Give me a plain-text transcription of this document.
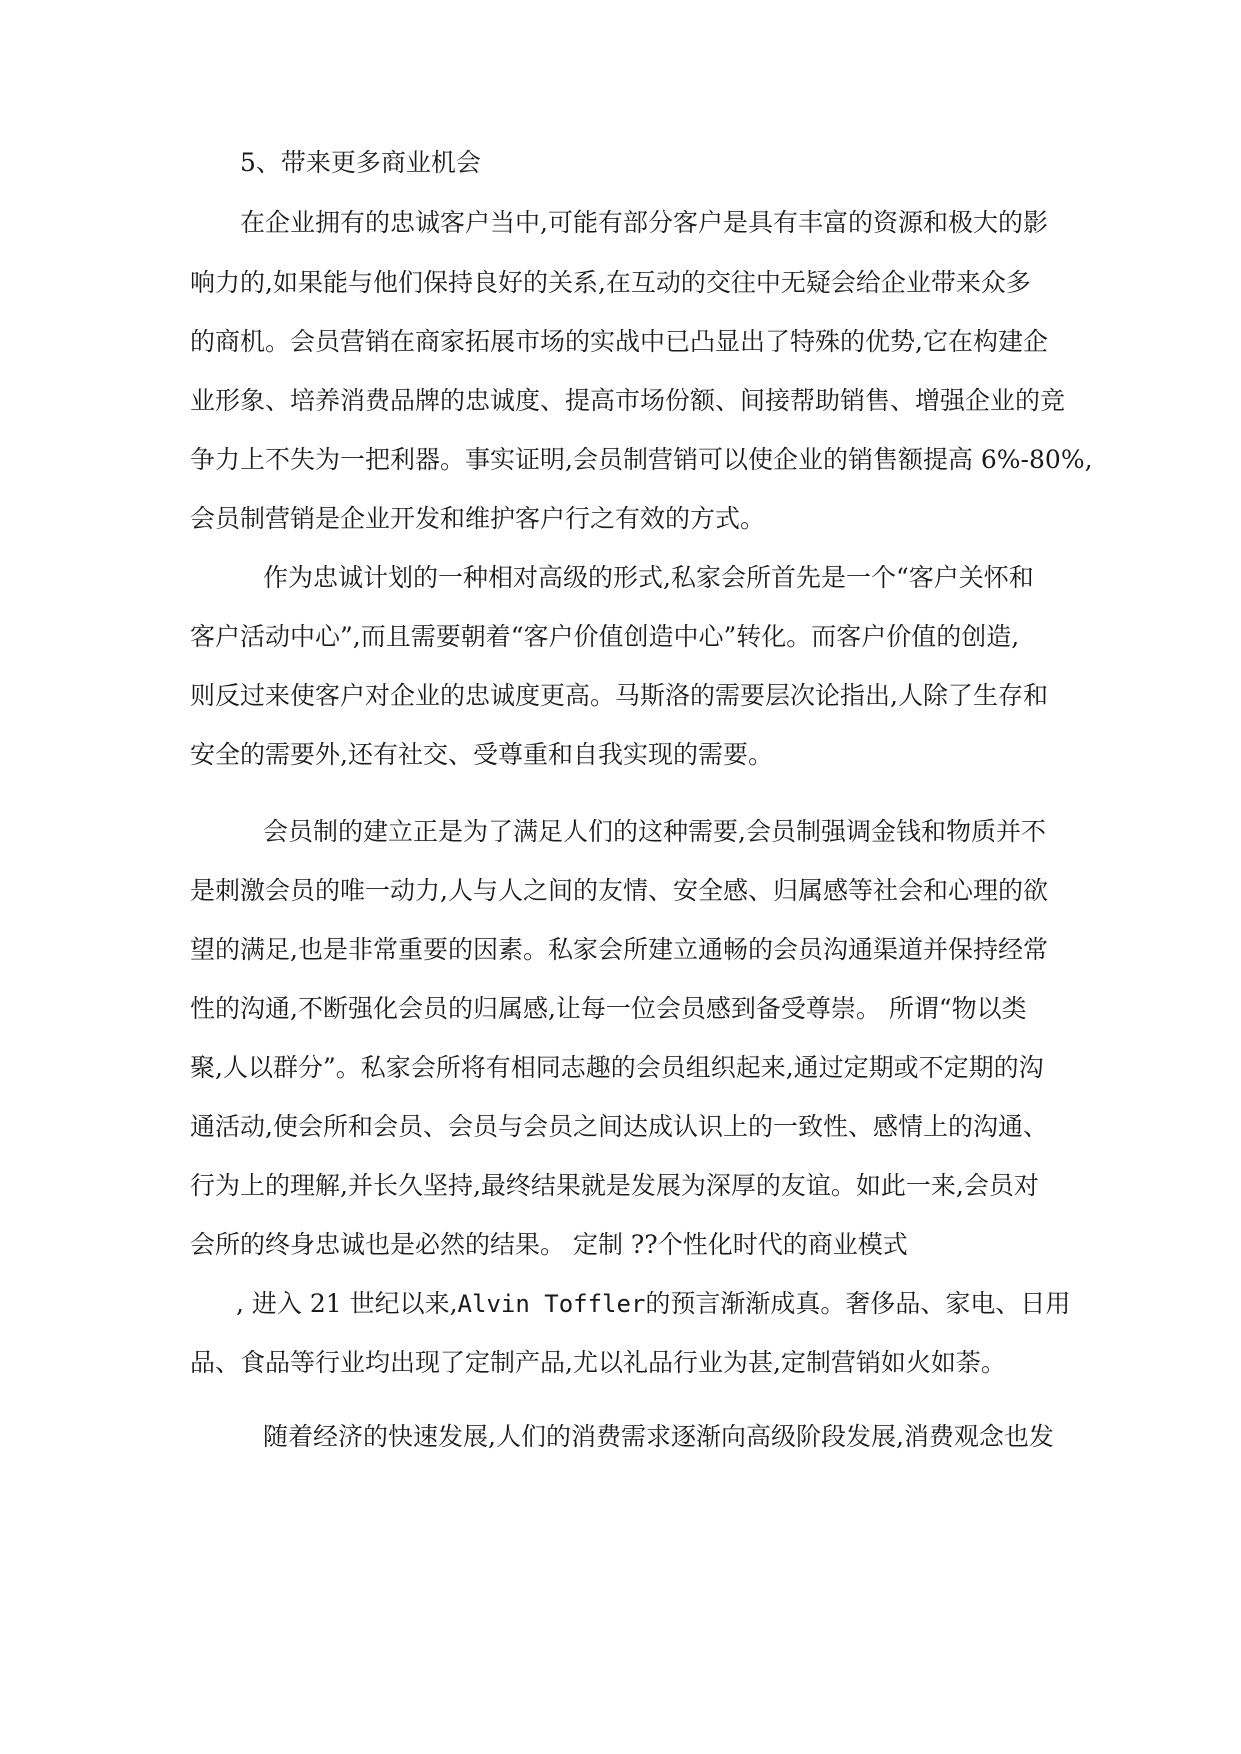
5、带来更多商业机会
在企业拥有的忠诚客户当中,可能有部分客户是具有丰富的资源和极大的影
响力的,如果能与他们保持良好的关系,在互动的交往中无疑会给企业带来众多
的商机。会员营销在商家拓展市场的实战中已凸显出了特殊的优势,它在构建企
业形象、培养消费品牌的忠诚度、提高市场份额、间接帮助销售、增强企业的竞
争力上不失为一把利器。事实证明,会员制营销可以使企业的销售额提高 6%-80%,
会员制营销是企业开发和维护客户行之有效的方式。
作为忠诚计划的一种相对高级的形式,私家会所首先是一个“客户关怀和
客户活动中心”,而且需要朝着“客户价值创造中心”转化。而客户价值的创造,
则反过来使客户对企业的忠诚度更高。马斯洛的需要层次论指出,人除了生存和
安全的需要外,还有社交、受尊重和自我实现的需要。
会员制的建立正是为了满足人们的这种需要,会员制强调金钱和物质并不
是刺激会员的唯一动力,人与人之间的友情、安全感、归属感等社会和心理的欲
望的满足,也是非常重要的因素。私家会所建立通畅的会员沟通渠道并保持经常
性的沟通,不断强化会员的归属感,让每一位会员感到备受尊崇。 所谓“物以类
聚,人以群分”。私家会所将有相同志趣的会员组织起来,通过定期或不定期的沟
通活动,使会所和会员、会员与会员之间达成认识上的一致性、感情上的沟通、
行为上的理解,并长久坚持,最终结果就是发展为深厚的友谊。如此一来,会员对
会所的终身忠诚也是必然的结果。 定制 ??个性化时代的商业模式
, 进入 21 世纪以来,Alvin Toffler的预言渐渐成真。奢侈品、家电、日用
品、食品等行业均出现了定制产品,尤以礼品行业为甚,定制营销如火如荼。
随着经济的快速发展,人们的消费需求逐渐向高级阶段发展,消费观念也发
